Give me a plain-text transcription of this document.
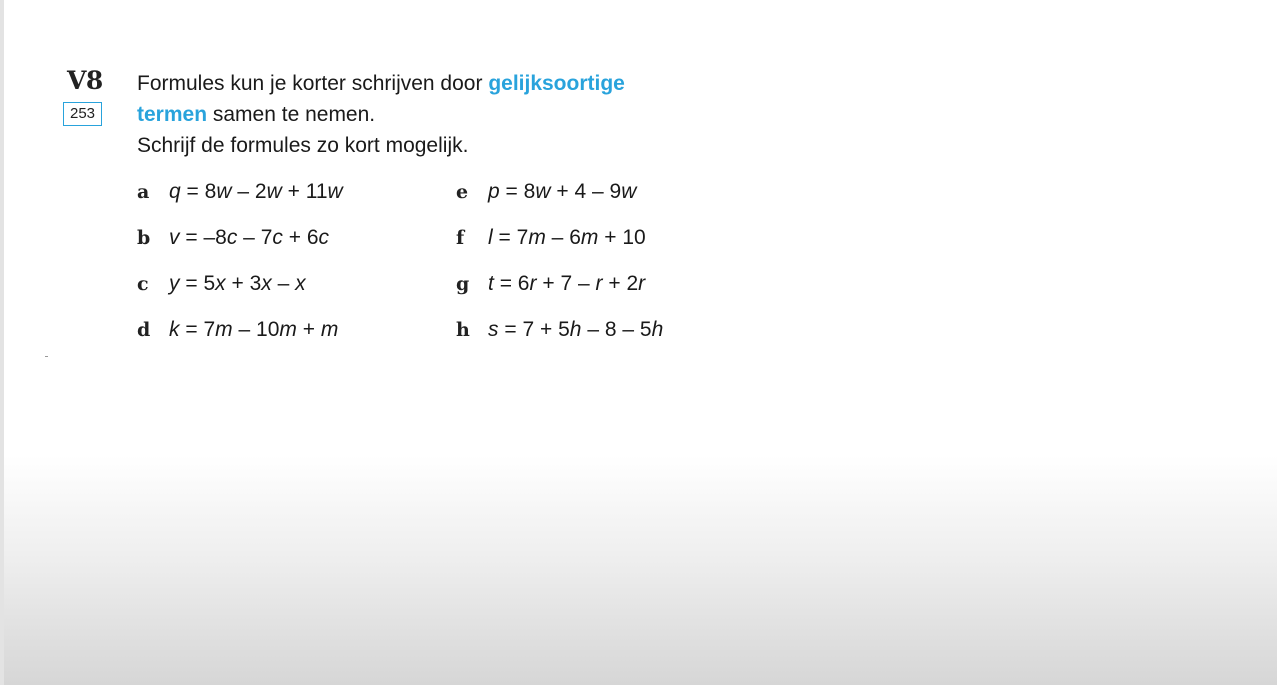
V8
253
Formules kun je korter schrijven door gelijksoortige
termen samen te nemen.
Schrijf de formules zo kort mogelijk.
a q = 8w – 2w + 11w
b v = –8c – 7c + 6c
c y = 5x + 3x – x
d k = 7m – 10m + m
e p = 8w + 4 – 9w
f l = 7m – 6m + 10
g t = 6r + 7 – r + 2r
h s = 7 + 5h – 8 – 5h
